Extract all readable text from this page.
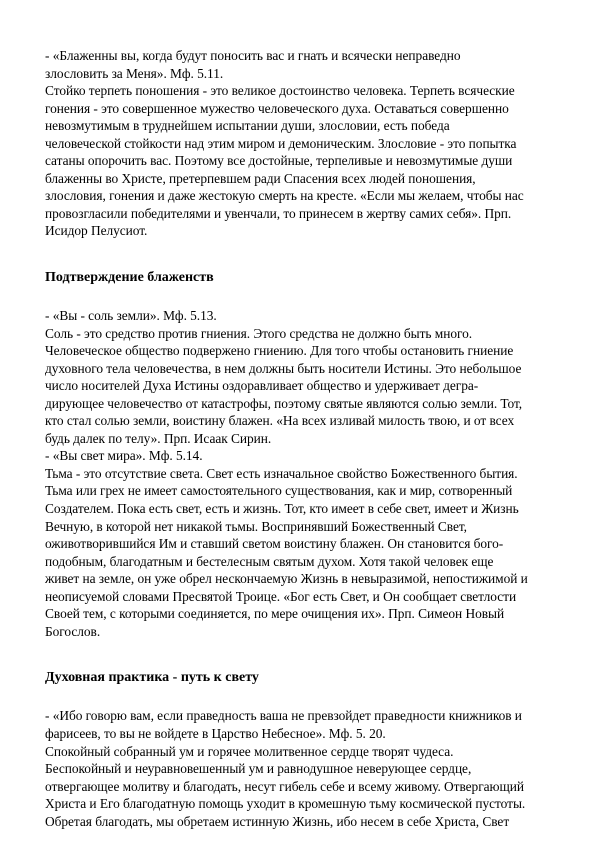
- «Блаженны вы, когда будут поносить вас и гнать и всячески неправедно
злословить за Меня». Мф. 5.11.
Стойко терпеть поношения - это великое достоинство человека. Терпеть всяческие
гонения - это совершенное мужество человеческого духа. Оставаться совершенно
невозмутимым в труднейшем испытании души, злословии, есть победа
человеческой стойкости над этим миром и демоническим. Злословие - это попытка
сатаны опорочить вас. Поэтому все достойные, терпеливые и невозмутимые души
блаженны во Христе, претерпевшем ради Спасения всех людей поношения,
злословия, гонения и даже жестокую смерть на кресте. «Если мы желаем, чтобы нас
провозгласили победителями и увенчали, то принесем в жертву самих себя». Прп.
Исидор Пелусиот.
Подтверждение блаженств
- «Вы - соль земли». Мф. 5.13.
Соль - это средство против гниения. Этого средства не должно быть много.
Человеческое общество подвержено гниению. Для того чтобы остановить гниение
духовного тела человечества, в нем должны быть носители Истины. Это небольшое
число носителей Духа Истины оздоравливает общество и удерживает дегра-
дирующее человечество от катастрофы, поэтому святые являются солью земли. Тот,
кто стал солью земли, воистину блажен. «На всех изливай милость твою, и от всех
будь далек по телу». Прп. Исаак Сирин.
- «Вы свет мира». Мф. 5.14.
Тьма - это отсутствие света. Свет есть изначальное свойство Божественного бытия.
Тьма или грех не имеет самостоятельного существования, как и мир, сотворенный
Создателем. Пока есть свет, есть и жизнь. Тот, кто имеет в себе свет, имеет и Жизнь
Вечную, в которой нет никакой тьмы. Воспринявший Божественный Свет,
оживотворившийся Им и ставший светом воистину блажен. Он становится бого-
подобным, благодатным и бестелесным святым духом. Хотя такой человек еще
живет на земле, он уже обрел нескончаемую Жизнь в невыразимой, непостижимой и
неописуемой словами Пресвятой Троице. «Бог есть Свет, и Он сообщает светлости
Своей тем, с которыми соединяется, по мере очищения их». Прп. Симеон Новый
Богослов.
Духовная практика - путь к свету
- «Ибо говорю вам, если праведность ваша не превзойдет праведности книжников и
фарисеев, то вы не войдете в Царство Небесное». Мф. 5. 20.
Спокойный собранный ум и горячее молитвенное сердце творят чудеса.
Беспокойный и неуравновешенный ум и равнодушное неверующее сердце,
отвергающее молитву и благодать, несут гибель себе и всему живому. Отвергающий
Христа и Его благодатную помощь уходит в кромешную тьму космической пустоты.
Обретая благодать, мы обретаем истинную Жизнь, ибо несем в себе Христа, Свет
